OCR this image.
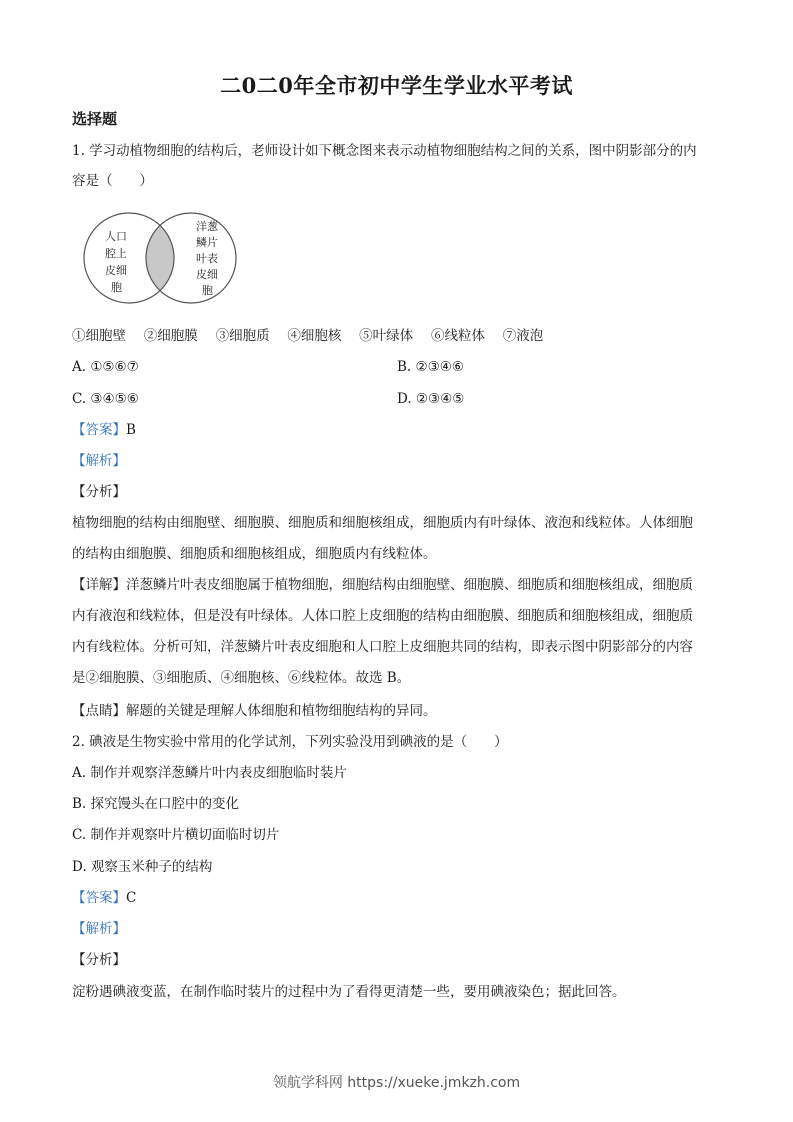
二0二0年全市初中学生学业水平考试
选择题
1. 学习动植物细胞的结构后，老师设计如下概念图来表示动植物细胞结构之间的关系，图中阴影部分的内
容是（　　）
人口
腔上
皮细
胞
洋葱
鳞片
叶表
皮细
胞
①细胞壁　 ②细胞膜　 ③细胞质　 ④细胞核　 ⑤叶绿体　 ⑥线粒体　 ⑦液泡
A. ①⑤⑥⑦	B. ②③④⑥
C. ③④⑤⑥	D. ②③④⑤
【答案】B
【解析】
【分析】
植物细胞的结构由细胞壁、细胞膜、细胞质和细胞核组成，细胞质内有叶绿体、液泡和线粒体。人体细胞
的结构由细胞膜、细胞质和细胞核组成，细胞质内有线粒体。
【详解】洋葱鳞片叶表皮细胞属于植物细胞，细胞结构由细胞壁、细胞膜、细胞质和细胞核组成，细胞质
内有液泡和线粒体，但是没有叶绿体。人体口腔上皮细胞的结构由细胞膜、细胞质和细胞核组成，细胞质
内有线粒体。分析可知，洋葱鳞片叶表皮细胞和人口腔上皮细胞共同的结构，即表示图中阴影部分的内容
是②细胞膜、③细胞质、④细胞核、⑥线粒体。故选 B。
【点睛】解题的关键是理解人体细胞和植物细胞结构的异同。
2. 碘液是生物实验中常用的化学试剂，下列实验没用到碘液的是（　　）
A. 制作并观察洋葱鳞片叶内表皮细胞临时装片
B. 探究馒头在口腔中的变化
C. 制作并观察叶片横切面临时切片
D. 观察玉米种子的结构
【答案】C
【解析】
【分析】
淀粉遇碘液变蓝，在制作临时装片的过程中为了看得更清楚一些，要用碘液染色；据此回答。
领航学科网 https://xueke.jmkzh.com
